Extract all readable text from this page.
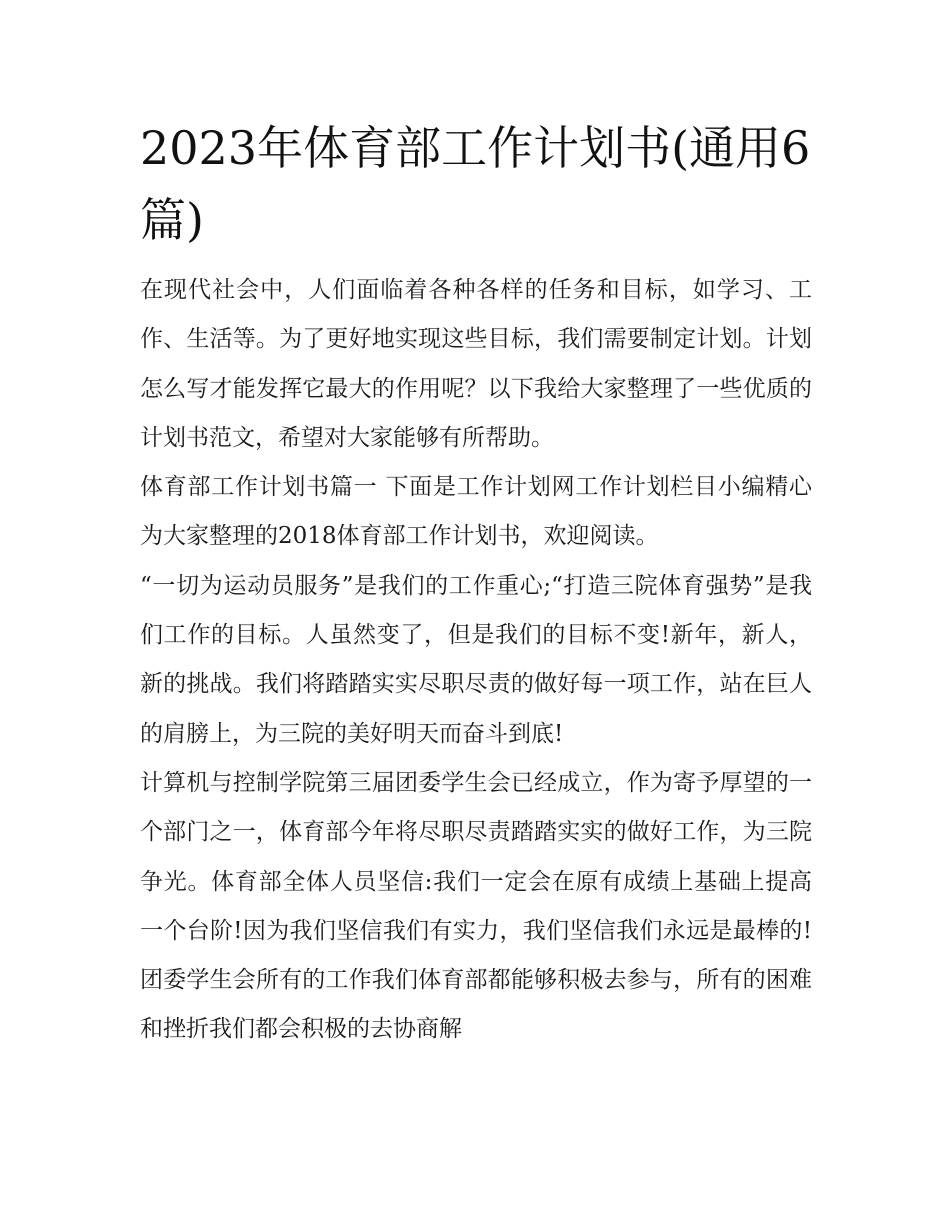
2023年体育部工作计划书(通用6篇)

在现代社会中，人们面临着各种各样的任务和目标，如学习、工作、生活等。为了更好地实现这些目标，我们需要制定计划。计划怎么写才能发挥它最大的作用呢？以下我给大家整理了一些优质的计划书范文，希望对大家能够有所帮助。

体育部工作计划书篇一 下面是工作计划网工作计划栏目小编精心为大家整理的2018体育部工作计划书，欢迎阅读。

“一切为运动员服务”是我们的工作重心;“打造三院体育强势”是我们工作的目标。人虽然变了，但是我们的目标不变!新年，新人，新的挑战。我们将踏踏实实尽职尽责的做好每一项工作，站在巨人的肩膀上，为三院的美好明天而奋斗到底!

计算机与控制学院第三届团委学生会已经成立，作为寄予厚望的一个部门之一，体育部今年将尽职尽责踏踏实实的做好工作，为三院争光。体育部全体人员坚信:我们一定会在原有成绩上基础上提高一个台阶!因为我们坚信我们有实力，我们坚信我们永远是最棒的!团委学生会所有的工作我们体育部都能够积极去参与，所有的困难和挫折我们都会积极的去协商解
